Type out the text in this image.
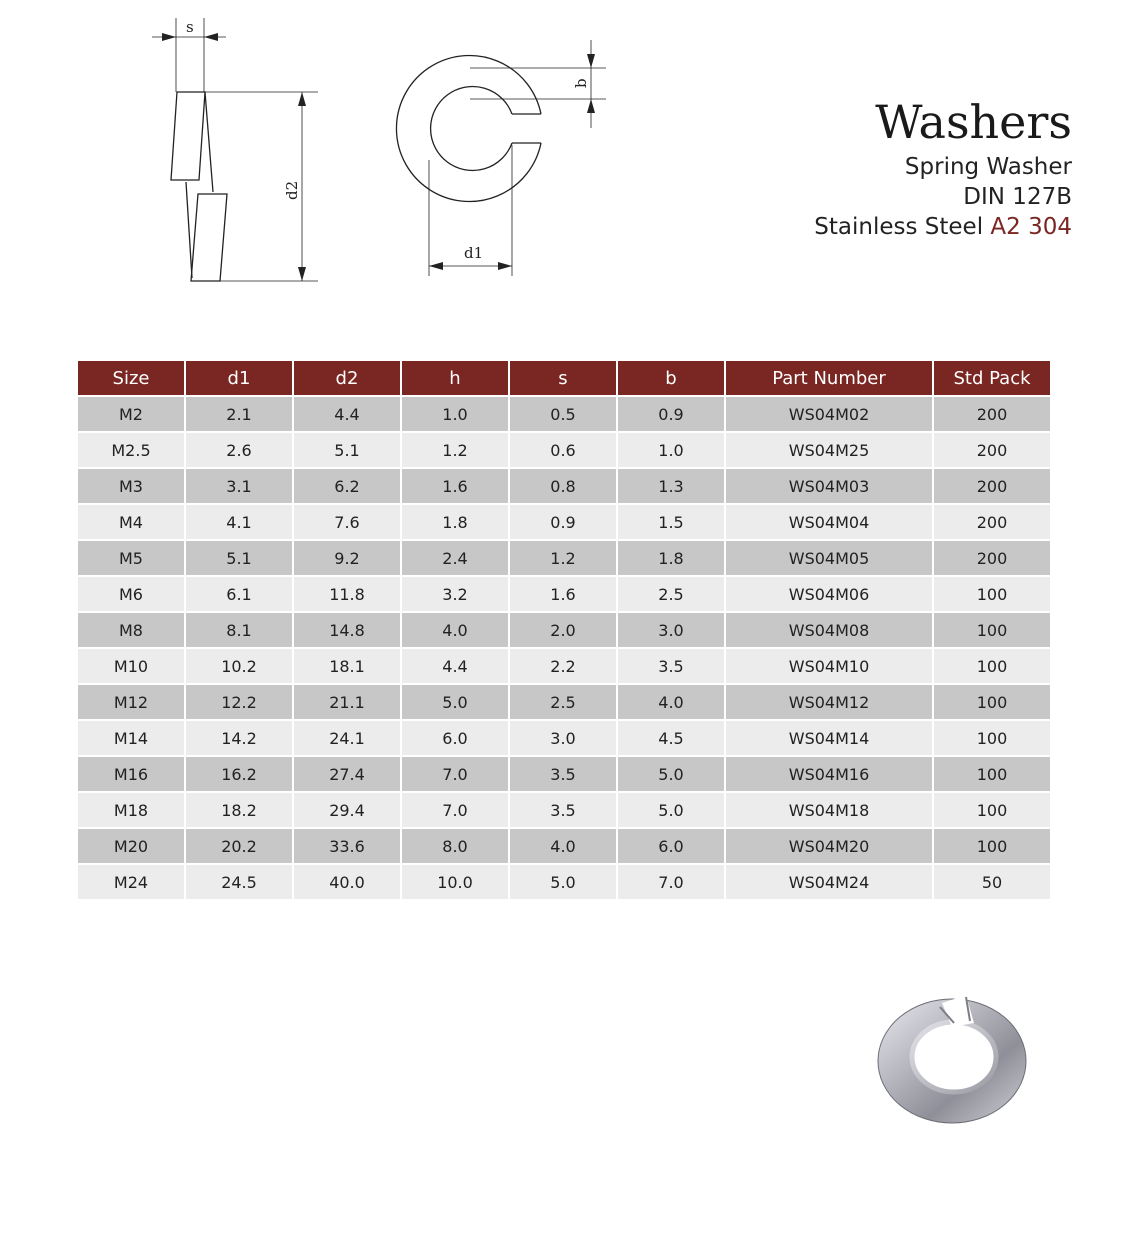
s
d2
b
d1
Washers
Spring Washer
DIN 127B
Stainless Steel A2 304
Size	d1	d2	h	s	b	Part Number	Std Pack
M2	2.1	4.4	1.0	0.5	0.9	WS04M02	200
M2.5	2.6	5.1	1.2	0.6	1.0	WS04M25	200
M3	3.1	6.2	1.6	0.8	1.3	WS04M03	200
M4	4.1	7.6	1.8	0.9	1.5	WS04M04	200
M5	5.1	9.2	2.4	1.2	1.8	WS04M05	200
M6	6.1	11.8	3.2	1.6	2.5	WS04M06	100
M8	8.1	14.8	4.0	2.0	3.0	WS04M08	100
M10	10.2	18.1	4.4	2.2	3.5	WS04M10	100
M12	12.2	21.1	5.0	2.5	4.0	WS04M12	100
M14	14.2	24.1	6.0	3.0	4.5	WS04M14	100
M16	16.2	27.4	7.0	3.5	5.0	WS04M16	100
M18	18.2	29.4	7.0	3.5	5.0	WS04M18	100
M20	20.2	33.6	8.0	4.0	6.0	WS04M20	100
M24	24.5	40.0	10.0	5.0	7.0	WS04M24	50
